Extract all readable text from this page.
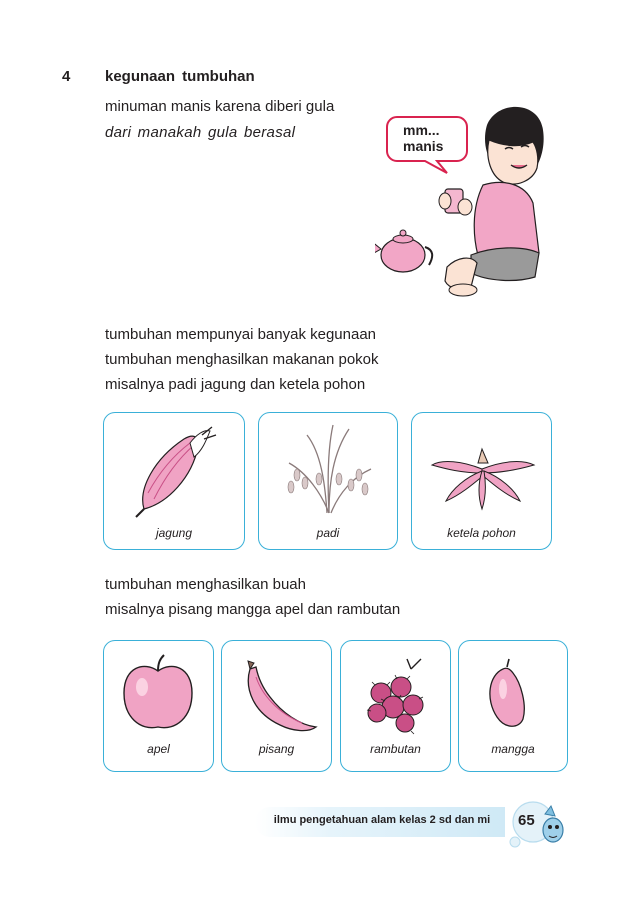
4 kegunaan tumbuhan
minuman manis karena diberi gula
dari manakah gula berasal	mm...
manis
tumbuhan mempunyai banyak kegunaan
tumbuhan menghasilkan makanan pokok
misalnya padi jagung dan ketela pohon
jagung	padi	ketela pohon
tumbuhan menghasilkan buah
misalnya pisang mangga apel dan rambutan
apel	pisang	rambutan	mangga
ilmu pengetahuan alam kelas 2 sd dan mi	65
